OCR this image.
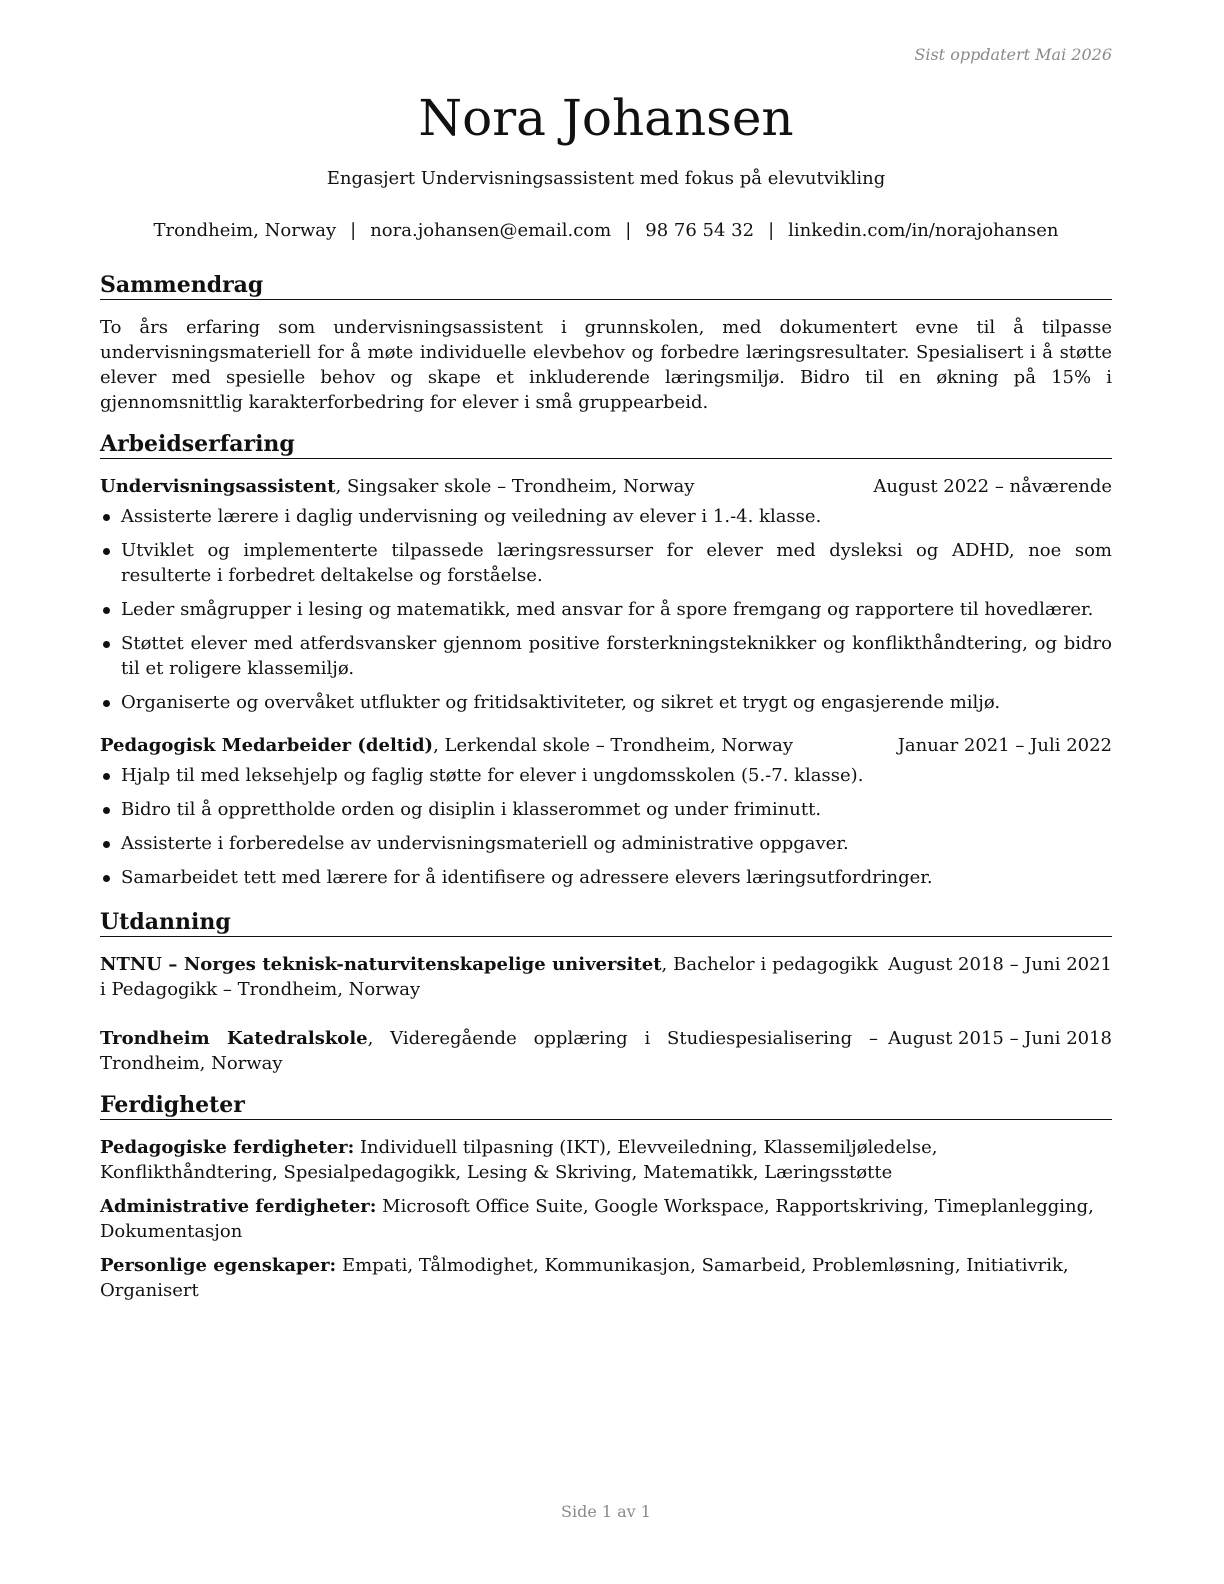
Sist oppdatert Mai 2026
Nora Johansen
Engasjert Undervisningsassistent med fokus på elevutvikling
Trondheim, Norway | nora.johansen@email.com | 98 76 54 32 | linkedin.com/in/norajohansen
Sammendrag
To års erfaring som undervisningsassistent i grunnskolen, med dokumentert evne til å tilpasse undervisningsmateriell for å møte individuelle elevbehov og forbedre læringsresultater. Spesialisert i å støtte elever med spesielle behov og skape et inkluderende læringsmiljø. Bidro til en økning på 15% i gjennomsnittlig karakterforbedring for elever i små gruppearbeid.
Arbeidserfaring
Undervisningsassistent, Singsaker skole – Trondheim, Norway	August 2022 – nåværende
Assisterte lærere i daglig undervisning og veiledning av elever i 1.-4. klasse.
Utviklet og implementerte tilpassede læringsressurser for elever med dysleksi og ADHD, noe som resulterte i forbedret deltakelse og forståelse.
Leder smågrupper i lesing og matematikk, med ansvar for å spore fremgang og rapportere til hovedlærer.
Støttet elever med atferdsvansker gjennom positive forsterkningsteknikker og konflikthåndtering, og bidro til et roligere klassemiljø.
Organiserte og overvåket utflukter og fritidsaktiviteter, og sikret et trygt og engasjerende miljø.
Pedagogisk Medarbeider (deltid), Lerkendal skole – Trondheim, Norway	Januar 2021 – Juli 2022
Hjalp til med leksehjelp og faglig støtte for elever i ungdomsskolen (5.-7. klasse).
Bidro til å opprettholde orden og disiplin i klasserommet og under friminutt.
Assisterte i forberedelse av undervisningsmateriell og administrative oppgaver.
Samarbeidet tett med lærere for å identifisere og adressere elevers læringsutfordringer.
Utdanning
NTNU – Norges teknisk-naturvitenskapelige universitet, Bachelor i pedagogikk i Pedagogikk – Trondheim, Norway
August 2018 – Juni 2021
Trondheim Katedralskole, Videregående opplæring i Studiespesialisering – Trondheim, Norway
August 2015 – Juni 2018
Ferdigheter
Pedagogiske ferdigheter: Individuell tilpasning (IKT), Elevveiledning, Klassemiljøledelse, Konflikthåndtering, Spesialpedagogikk, Lesing & Skriving, Matematikk, Læringsstøtte
Administrative ferdigheter: Microsoft Office Suite, Google Workspace, Rapportskriving, Timeplanlegging, Dokumentasjon
Personlige egenskaper: Empati, Tålmodighet, Kommunikasjon, Samarbeid, Problemløsning, Initiativrik, Organisert
Side 1 av 1
